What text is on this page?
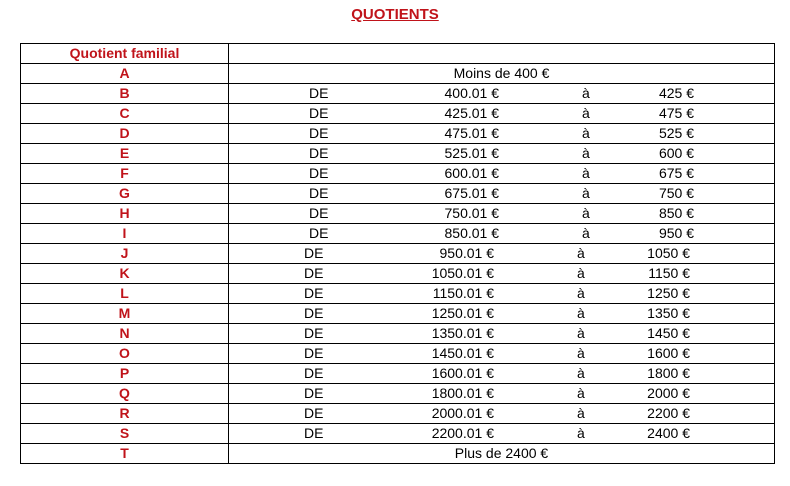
QUOTIENTS
Quotient familial	
A	Moins de 400 €
B	DE 400.01 € à 425 €

C	DE 425.01 € à 475 €

D	DE 475.01 € à 525 €

E	DE 525.01 € à 600 €

F	DE 600.01 € à 675 €

G	DE 675.01 € à 750 €

H	DE 750.01 € à 850 €

I	DE 850.01 € à 950 €

J	DE 950.01 € à 1050 €

K	DE 1050.01 € à 1150 €

L	DE 1150.01 € à 1250 €

M	DE 1250.01 € à 1350 €

N	DE 1350.01 € à 1450 €

O	DE 1450.01 € à 1600 €

P	DE 1600.01 € à 1800 €

Q	DE 1800.01 € à 2000 €

R	DE 2000.01 € à 2200 €

S	DE 2200.01 € à 2400 €

T	Plus de 2400 €
